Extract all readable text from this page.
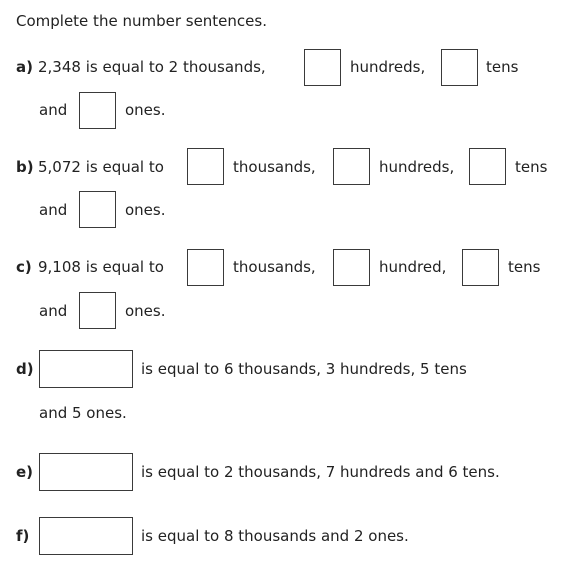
Complete the number sentences.
a) 2,348 is equal to 2 thousands,	hundreds,	tens
and	ones.
b) 5,072 is equal to	thousands,	hundreds,	tens
and	ones.
c) 9,108 is equal to	thousands,	hundred,	tens
and	ones.
d)	is equal to 6 thousands, 3 hundreds, 5 tens
and 5 ones.
e)	is equal to 2 thousands, 7 hundreds and 6 tens.
f)	is equal to 8 thousands and 2 ones.
